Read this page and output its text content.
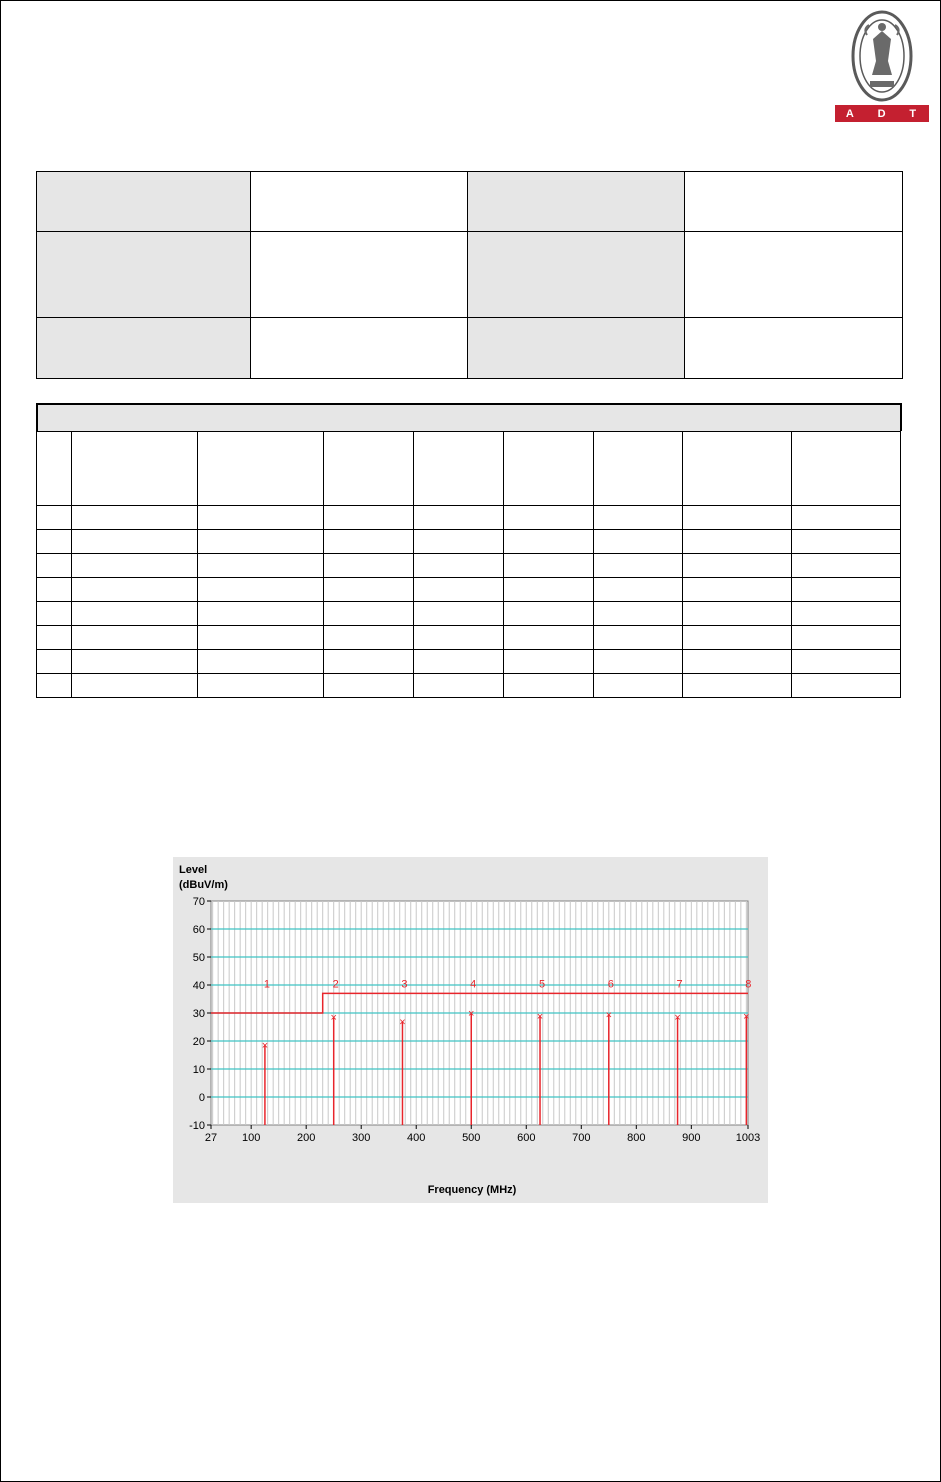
A D T

-10
0
10
20
30
40
50
60
70
27 100	200	300	400	500	600	700	800	900	1003
×
1
×
2
×
3
×
4
×
5
×
6
×
7
×
8
Level
(dBuV/m)
Frequency (MHz)
